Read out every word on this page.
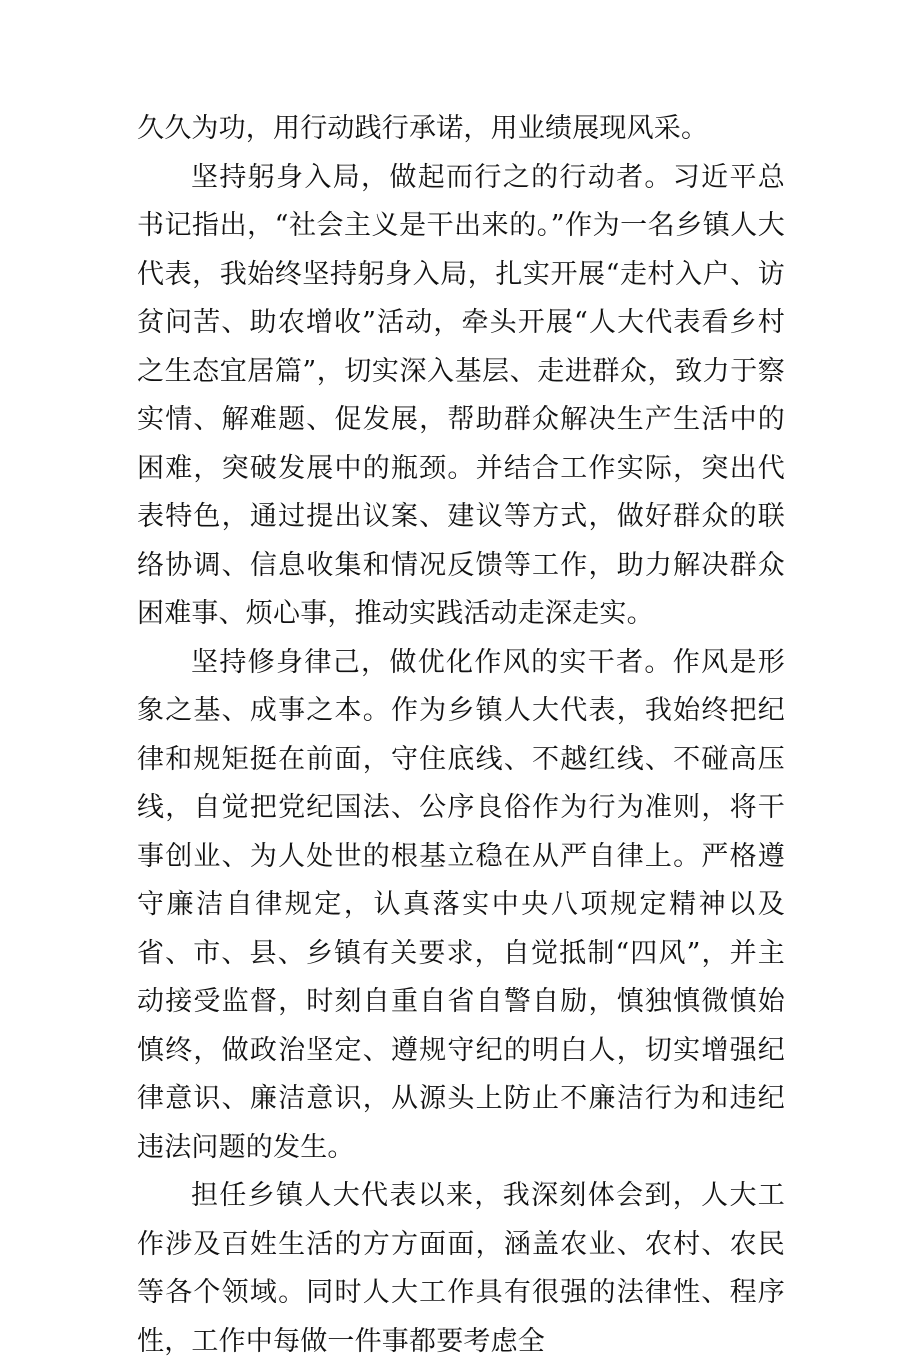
久久为功，用行动践行承诺，用业绩展现风采。

坚持躬身入局，做起而行之的行动者。习近平总书记指出，“社会主义是干出来的。”作为一名乡镇人大代表，我始终坚持躬身入局，扎实开展“走村入户、访贫问苦、助农增收”活动，牵头开展“人大代表看乡村之生态宜居篇”，切实深入基层、走进群众，致力于察实情、解难题、促发展，帮助群众解决生产生活中的困难，突破发展中的瓶颈。并结合工作实际，突出代表特色，通过提出议案、建议等方式，做好群众的联络协调、信息收集和情况反馈等工作，助力解决群众困难事、烦心事，推动实践活动走深走实。

坚持修身律己，做优化作风的实干者。作风是形象之基、成事之本。作为乡镇人大代表，我始终把纪律和规矩挺在前面，守住底线、不越红线、不碰高压线，自觉把党纪国法、公序良俗作为行为准则，将干事创业、为人处世的根基立稳在从严自律上。严格遵守廉洁自律规定，认真落实中央八项规定精神以及省、市、县、乡镇有关要求，自觉抵制“四风”，并主动接受监督，时刻自重自省自警自励，慎独慎微慎始慎终，做政治坚定、遵规守纪的明白人，切实增强纪律意识、廉洁意识，从源头上防止不廉洁行为和违纪违法问题的发生。

担任乡镇人大代表以来，我深刻体会到，人大工作涉及百姓生活的方方面面，涵盖农业、农村、农民等各个领域。同时人大工作具有很强的法律性、程序性，工作中每做一件事都要考虑全
